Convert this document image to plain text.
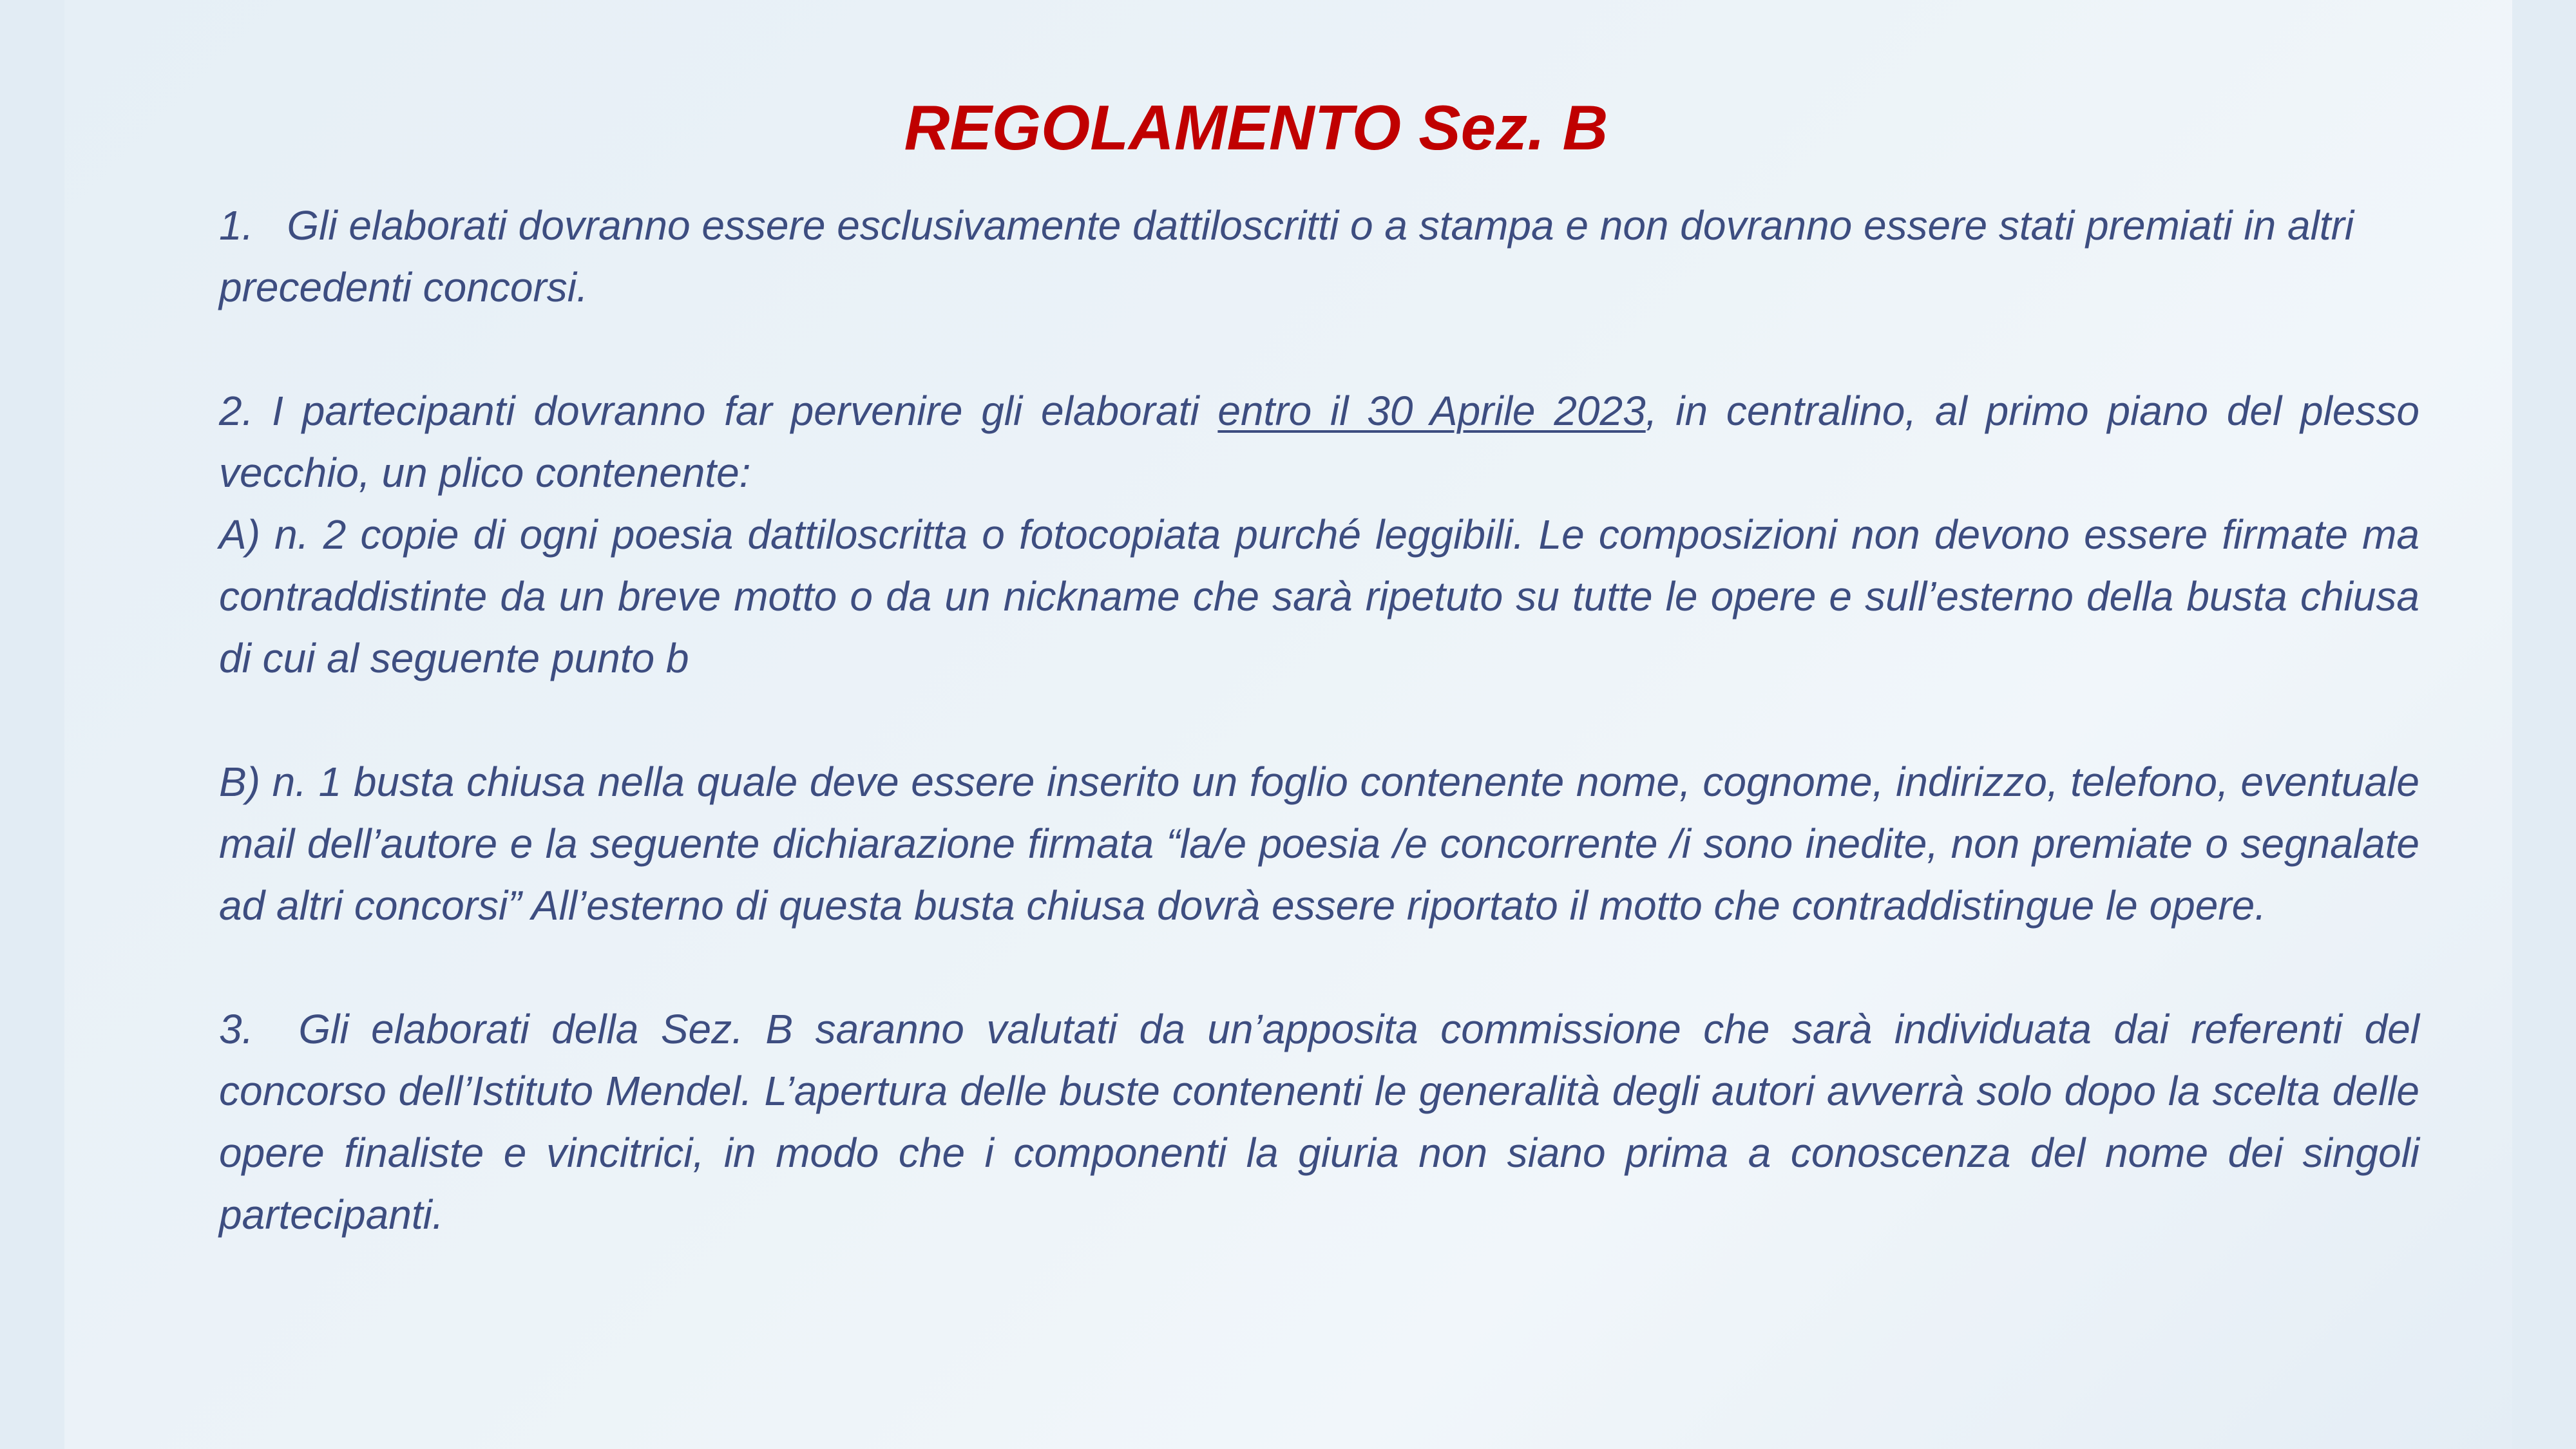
REGOLAMENTO Sez. B

1. Gli elaborati dovranno essere esclusivamente dattiloscritti o a stampa e non dovranno essere stati premiati in altri precedenti concorsi.

2. I partecipanti dovranno far pervenire gli elaborati entro il 30 Aprile 2023, in centralino, al primo piano del plesso vecchio, un plico contenente:

A) n. 2 copie di ogni poesia dattiloscritta o fotocopiata purché leggibili. Le composizioni non devono essere firmate ma contraddistinte da un breve motto o da un nickname che sarà ripetuto su tutte le opere e sull’esterno della busta chiusa di cui al seguente punto b

B) n. 1 busta chiusa nella quale deve essere inserito un foglio contenente nome, cognome, indirizzo, telefono, eventuale mail dell’autore e la seguente dichiarazione firmata “la/e poesia /e concorrente /i sono inedite, non premiate o segnalate ad altri concorsi” All’esterno di questa busta chiusa dovrà essere riportato il motto che contraddistingue le opere.

3. Gli elaborati della Sez. B saranno valutati da un’apposita commissione che sarà individuata dai referenti del concorso dell’Istituto Mendel. L’apertura delle buste contenenti le generalità degli autori avverrà solo dopo la scelta delle opere finaliste e vincitrici, in modo che i componenti la giuria non siano prima a conoscenza del nome dei singoli partecipanti.
